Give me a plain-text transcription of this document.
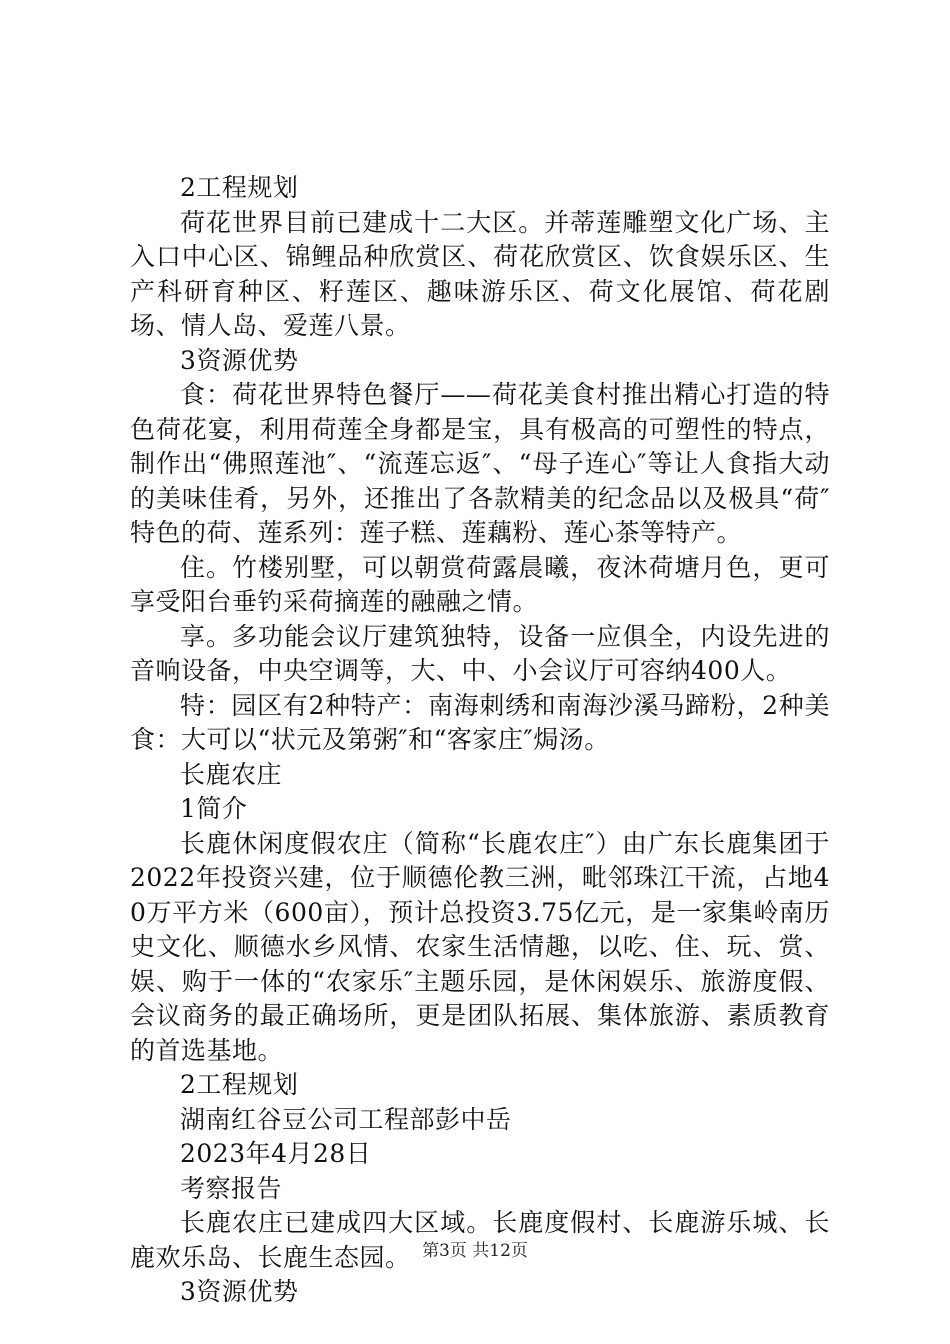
2工程规划

荷花世界目前已建成十二大区。并蒂莲雕塑文化广场、主入口中心区、锦鲤品种欣赏区、荷花欣赏区、饮食娱乐区、生产科研育种区、籽莲区、趣味游乐区、荷文化展馆、荷花剧场、情人岛、爱莲八景。

3资源优势

食：荷花世界特色餐厅——荷花美食村推出精心打造的特色荷花宴，利用荷莲全身都是宝，具有极高的可塑性的特点，制作出“佛照莲池″、“流莲忘返″、“母子连心″等让人食指大动的美味佳肴，另外，还推出了各款精美的纪念品以及极具“荷″特色的荷、莲系列：莲子糕、莲藕粉、莲心茶等特产。

住。竹楼别墅，可以朝赏荷露晨曦，夜沐荷塘月色，更可享受阳台垂钓采荷摘莲的融融之情。

享。多功能会议厅建筑独特，设备一应俱全，内设先进的音响设备，中央空调等，大、中、小会议厅可容纳400人。

特：园区有2种特产：南海刺绣和南海沙溪马蹄粉，2种美食：大可以“状元及第粥″和“客家庄″焗汤。

长鹿农庄

1简介

长鹿休闲度假农庄（简称“长鹿农庄″）由广东长鹿集团于2022年投资兴建，位于顺德伦教三洲，毗邻珠江干流，占地40万平方米（600亩），预计总投资3.75亿元，是一家集岭南历史文化、顺德水乡风情、农家生活情趣，以吃、住、玩、赏、娱、购于一体的“农家乐″主题乐园，是休闲娱乐、旅游度假、会议商务的最正确场所，更是团队拓展、集体旅游、素质教育的首选基地。

2工程规划

湖南红谷豆公司工程部彭中岳

2023年4月28日

考察报告

长鹿农庄已建成四大区域。长鹿度假村、长鹿游乐城、长鹿欢乐岛、长鹿生态园。

3资源优势

第3页 共12页
